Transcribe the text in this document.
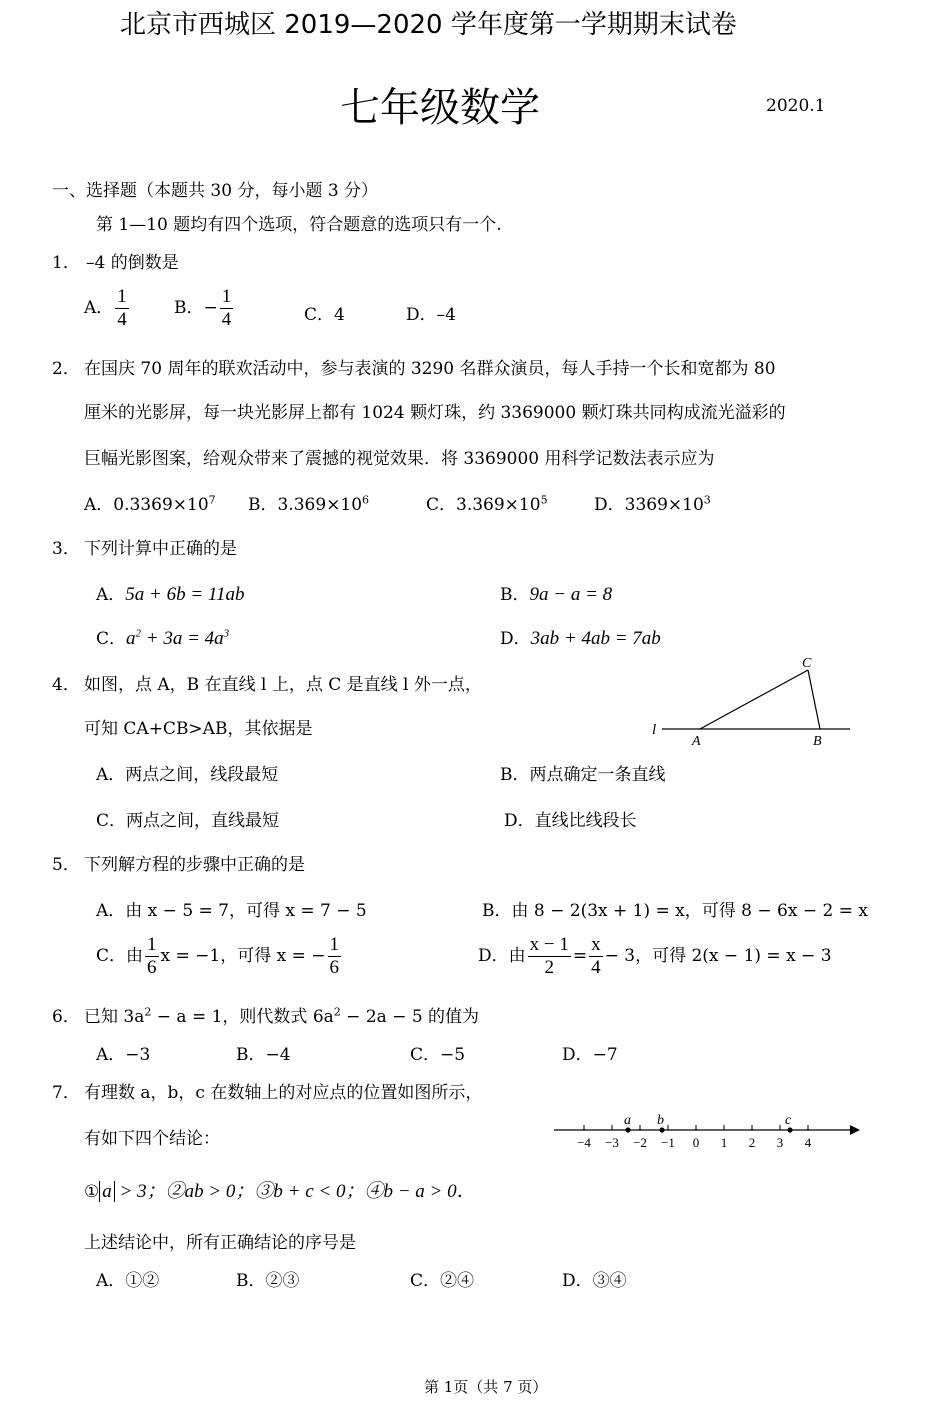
北京市西城区 2019—2020 学年度第一学期期末试卷
七年级数学	2020.1
一、选择题（本题共 30 分，每小题 3 分）
第 1—10 题均有四个选项，符合题意的选项只有一个.
1． –4 的倒数是
A． $\frac{1}{4}$	B．− $\frac{1}{4}$	C．4	D．–4
2． 在国庆 70 周年的联欢活动中，参与表演的 3290 名群众演员，每人手持一个长和宽都为 80
厘米的光影屏，每一块光影屏上都有 1024 颗灯珠，约 3369000 颗灯珠共同构成流光溢彩的
巨幅光影图案，给观众带来了震撼的视觉效果．将 3369000 用科学记数法表示应为
A．$0.3369\times 10^7$ B．$3.369\times 10^6$	C．$3.369\times 10^5$	D．$3369\times 10^3$
3． 下列计算中正确的是
A．5a + 6b = 11ab	B．9a − a = 8
C．$a^2 + 3a = 4a^3$	D．3ab + 4ab = 7ab
4． 如图，点 A，B 在直线 l 上，点 C 是直线 l 外一点，
可知 CA+CB>AB，其依据是	l
A	B
C
A．两点之间，线段最短	B．两点确定一条直线
C．两点之间，直线最短	D．直线比线段长
5． 下列解方程的步骤中正确的是
A．由 x − 5 = 7，可得 x = 7 − 5	B．由 8 − 2(3x + 1) = x，可得 8 − 6x − 2 = x
C．由 $\frac{1}{6}$ x = −1，可得 x = − $\frac{1}{6}$	D．由 $\frac{x - 1}{2} = \frac{x}{4} - 3$，可得 2(x − 1) = x − 3
6． 已知 $3a^2 - a = 1$，则代数式 $6a^2 - 2a - 5$ 的值为
A．−3	B．−4	C．−5	D．−7
7． 有理数 a，b，c 在数轴上的对应点的位置如图所示，
有如下四个结论：	−4 −3 −2 −1 0 1 2 3 4
a b	c
① a > 3；②ab > 0；③b + c < 0；④b − a > 0．
上述结论中，所有正确结论的序号是
A．①②	B．②③	C．②④	D．③④
第 1页（共 7 页）
